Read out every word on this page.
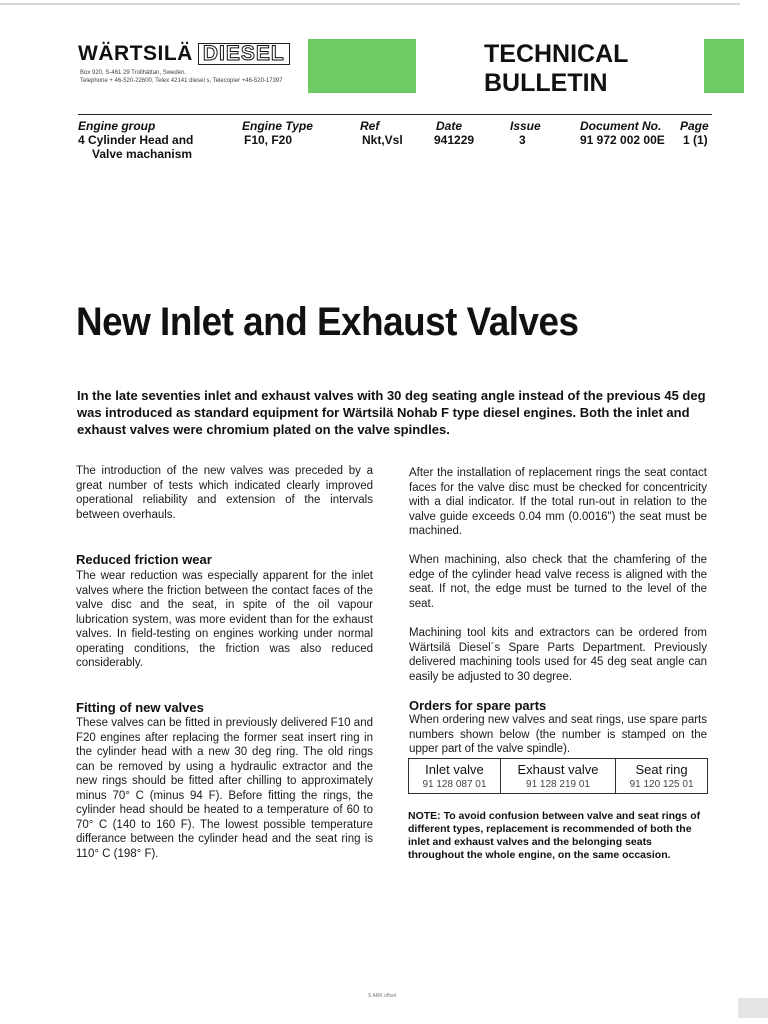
WÄRTSILÄ DIESEL
Box 920, S-461 29 Trollhättan, Sweden.
Telephone + 46-520-22600, Telex 42141 diesel s, Telecopier +46-520-17397
TECHNICAL
BULLETIN
Engine group	Engine Type	Ref	Date	Issue	Document No. Page
4 Cylinder Head and
Valve machanism
F10, F20	Nkt,Vsl	941229	3	91 972 002 00E 1 (1)
New Inlet and Exhaust Valves
In the late seventies inlet and exhaust valves with 30 deg seating angle instead of the previous 45 deg was introduced as standard equipment for Wärtsilä Nohab F type diesel engines. Both the inlet and exhaust valves were chromium plated on the valve spindles.
The introduction of the new valves was preceded by a great number of tests which indicated clearly improved operational reliability and extension of the intervals between overhauls.
Reduced friction wear
The wear reduction was especially apparent for the inlet valves where the friction between the contact faces of the valve disc and the seat, in spite of the oil vapour lubrication system, was more evident than for the exhaust valves. In field-testing on engines working under normal operating conditions, the friction was also reduced considerably.
Fitting of new valves
These valves can be fitted in previously delivered F10 and F20 engines after replacing the former seat insert ring in the cylinder head with a new 30 deg ring. The old rings can be removed by using a hydraulic extractor and the new rings should be fitted after chilling to approximately minus 70° C (minus 94 F). Before fitting the rings, the cylinder head should be heated to a temperature of 60 to 70° C (140 to 160 F). The lowest possible temperature differance between the cylinder head and the seat ring is 110° C (198° F).
After the installation of replacement rings the seat contact faces for the valve disc must be checked for concentricity with a dial indicator. If the total run-out in relation to the valve guide exceeds 0.04 mm (0.0016") the seat must be machined.
When machining, also check that the chamfering of the edge of the cylinder head valve recess is aligned with the seat. If not, the edge must be turned to the level of the seat.
Machining tool kits and extractors can be ordered from Wärtsilä Diesel´s Spare Parts Department. Previously delivered machining tools used for 45 deg seat angle can easily be adjusted to 30 degree.
Orders for spare parts
When ordering new valves and seat rings, use spare parts numbers shown below (the number is stamped on the upper part of the valve spindle).
Inlet valve	Exhaust valve	Seat ring
91 128 087 01	91 128 219 01	91 120 125 01
NOTE: To avoid confusion between valve and seat rings of different types, replacement is recommended of both the inlet and exhaust valves and the belonging seats throughout the whole engine, on the same occasion.
S ARK offset
